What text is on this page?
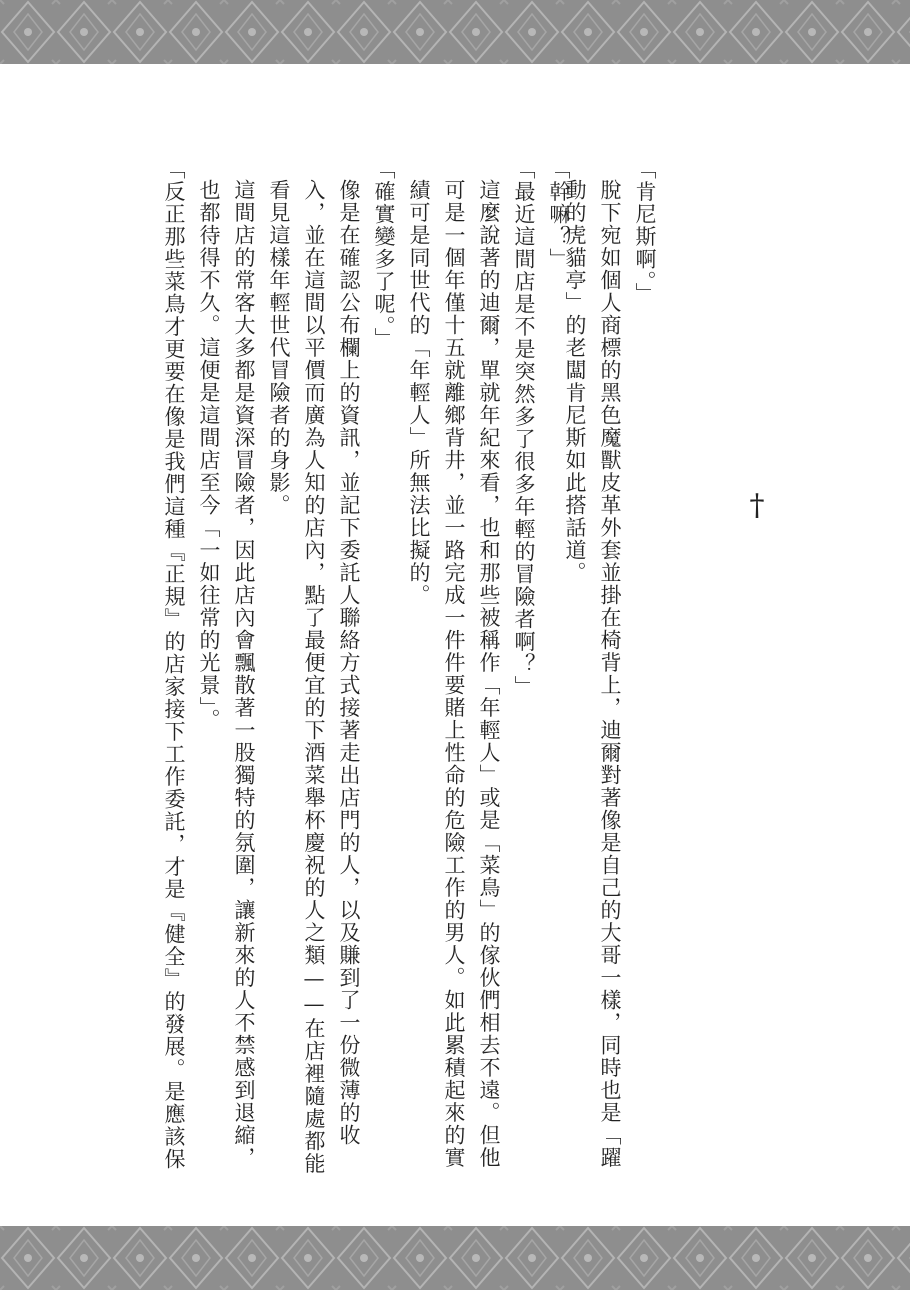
「肯尼斯啊。」

脫下宛如個人商標的黑色魔獸皮革外套並掛在椅背上，迪爾對著像是自己的大哥一樣，同時也是「躍動的虎貓亭」的老闆肯尼斯如此搭話道。	†

「幹嘛？」

「最近這間店是不是突然多了很多年輕的冒險者啊？」

這麼說著的迪爾，單就年紀來看，也和那些被稱作「年輕人」或是「菜鳥」的傢伙們相去不遠。但他可是一個年僅十五就離鄉背井，並一路完成一件件要賭上性命的危險工作的男人。如此累積起來的實績可是同世代的「年輕人」所無法比擬的。

「確實變多了呢。」

像是在確認公布欄上的資訊，並記下委託人聯絡方式接著走出店門的人，以及賺到了一份微薄的收入，並在這間以平價而廣為人知的店內，點了最便宜的下酒菜舉杯慶祝的人之類——在店裡隨處都能看見這樣年輕世代冒險者的身影。

這間店的常客大多都是資深冒險者，因此店內會飄散著一股獨特的氛圍，讓新來的人不禁感到退縮，也都待得不久。這便是這間店至今「一如往常的光景」。

「反正那些菜鳥才更要在像是我們這種『正規』的店家接下工作委託，才是『健全』的發展。是應該保
